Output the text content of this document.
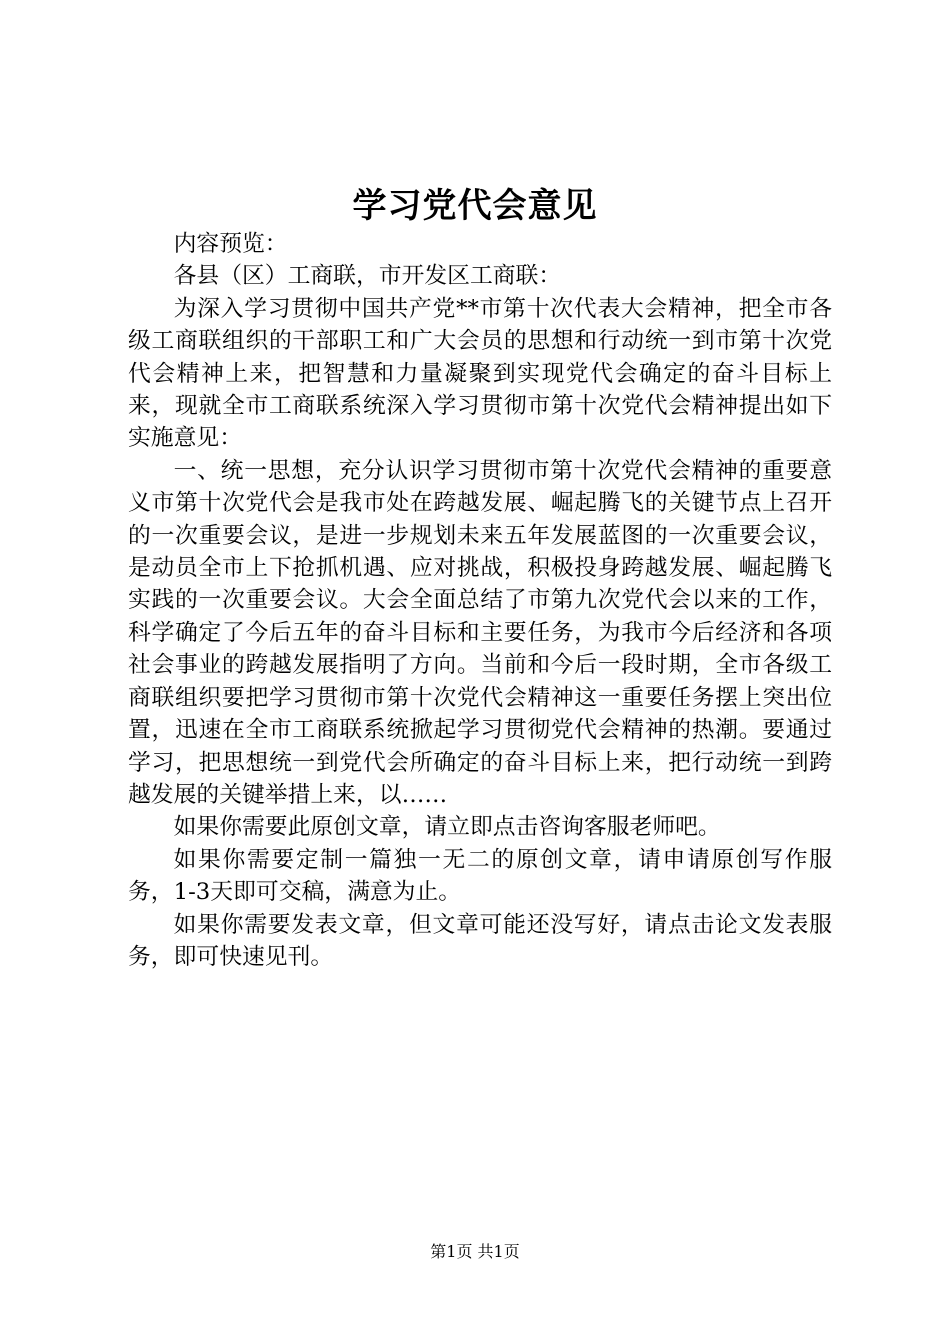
学习党代会意见

内容预览：

各县（区）工商联，市开发区工商联：

为深入学习贯彻中国共产党**市第十次代表大会精神，把全市各级工商联组织的干部职工和广大会员的思想和行动统一到市第十次党代会精神上来，把智慧和力量凝聚到实现党代会确定的奋斗目标上来，现就全市工商联系统深入学习贯彻市第十次党代会精神提出如下实施意见：

一、统一思想，充分认识学习贯彻市第十次党代会精神的重要意义市第十次党代会是我市处在跨越发展、崛起腾飞的关键节点上召开的一次重要会议，是进一步规划未来五年发展蓝图的一次重要会议，是动员全市上下抢抓机遇、应对挑战，积极投身跨越发展、崛起腾飞实践的一次重要会议。大会全面总结了市第九次党代会以来的工作，科学确定了今后五年的奋斗目标和主要任务，为我市今后经济和各项社会事业的跨越发展指明了方向。当前和今后一段时期，全市各级工商联组织要把学习贯彻市第十次党代会精神这一重要任务摆上突出位置，迅速在全市工商联系统掀起学习贯彻党代会精神的热潮。要通过学习，把思想统一到党代会所确定的奋斗目标上来，把行动统一到跨越发展的关键举措上来，以……

如果你需要此原创文章，请立即点击咨询客服老师吧。

如果你需要定制一篇独一无二的原创文章，请申请原创写作服务，1-3天即可交稿，满意为止。

如果你需要发表文章，但文章可能还没写好，请点击论文发表服务，即可快速见刊。

第1页 共1页
